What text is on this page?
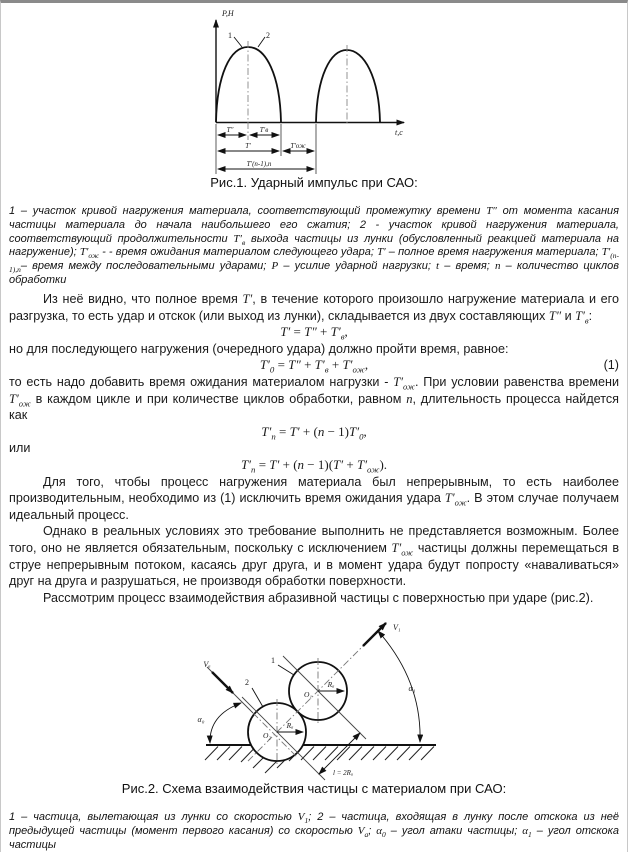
P,H
t,c
1	2
T″	T′в
T′	T′ож
T′(n-1),n
Рис.1. Ударный импульс при САО:

1 – участок кривой нагружения материала, соответствующий промежутку времени T″ от момента касания частицы материала до начала наибольшего его сжатия; 2 - участок кривой нагружения материала, соответствующий продолжительности $T'_в$ выхода частицы из лунки (обусловленный реакцией материала на нагружение); $T'_{ож}$ - - время ожидания материалом следующего удара; T′ – полное время нагружения материала; $T'_{(n-1),n}-$ время между последовательными ударами; P – усилие ударной нагрузки; t – время; n – количество циклов обработки

Из неё видно, что полное время T′, в течение которого произошло нагружение материала и его разгрузка, то есть удар и отскок (или выход из лунки), складывается из двух составляющих T″ и $T'_в$:

$T' = T'' + T'_в$,

но для последующего нагружения (очередного удара) должно пройти время, равное:

$T'_0 = T'' + T'_в + T'_{ож}$,	(1)

то есть надо добавить время ожидания материалом нагрузки - $T'_{ож}$. При условии равенства времени $T'_{ож}$ в каждом цикле и при количестве циклов обработки, равном n, длительность процесса найдется как

$T'_n = T' + (n - 1)T'_0$,

или

$T'_n = T' + (n - 1)(T' + T'_{ож})$.

Для того, чтобы процесс нагружения материала был непрерывным, то есть наиболее производительным, необходимо из (1) исключить время ожидания удара $T'_{ож}$. В этом случае получаем идеальный процесс.

Однако в реальных условиях это требование выполнить не представляется возможным. Более того, оно не является обязательным, поскольку с исключением $T'_{ож}$ частицы должны перемещаться в струе непрерывным потоком, касаясь друг друга, и в момент удара будут попросту «наваливаться» друг на друга и разрушаться, не производя обработки поверхности.

Рассмотрим процесс взаимодействия абразивной частицы с поверхностью при ударе (рис.2).

V₁
Vₐ
α₀
α₁
l = 2Rₐ
Rₐ
Rₐ
O₁
O₂
1
2
Рис.2. Схема взаимодействия частицы с материалом при САО:

1 – частица, вылетающая из лунки со скоростью $V_1$; 2 – частица, входящая в лунку после отскока из неё предыдущей частицы (момент первого касания) со скоростью $V_a$; $\alpha_0$ – угол атаки частицы; $\alpha_1$ – угол отскока частицы
